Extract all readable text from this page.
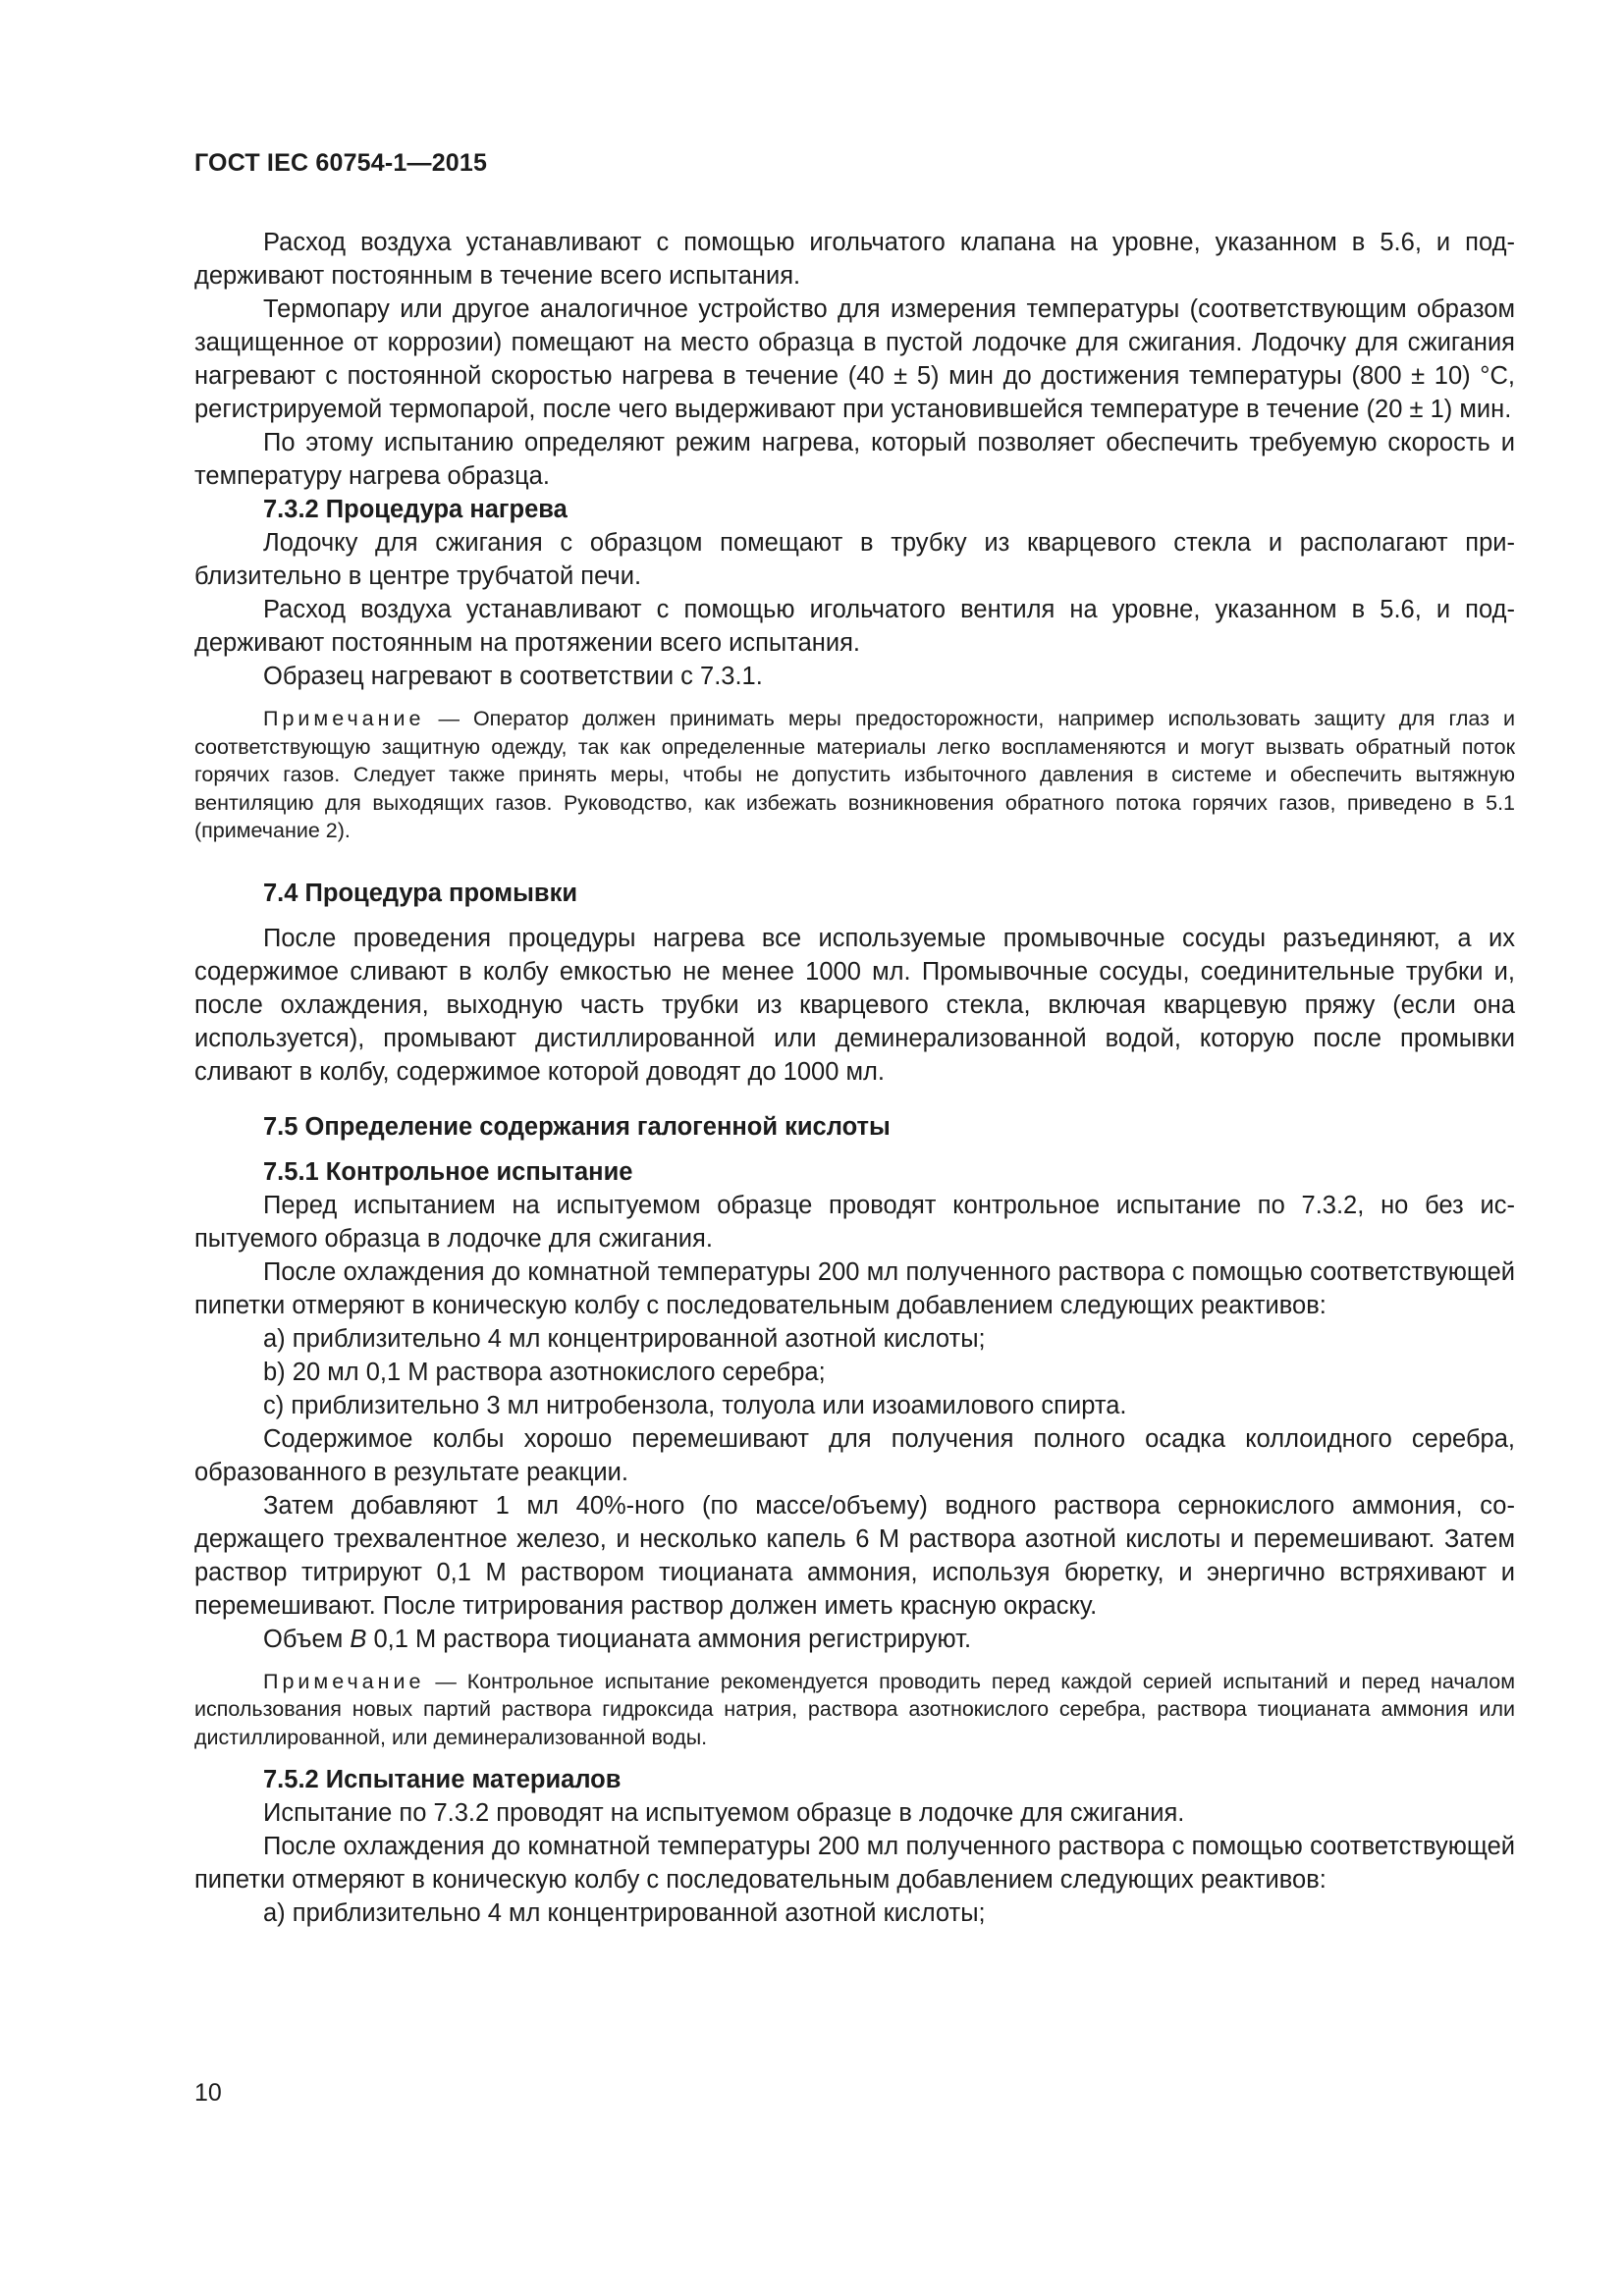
ГОСТ IEC 60754-1—2015

Расход воздуха устанавливают с помощью игольчатого клапана на уровне, указанном в 5.6, и поддерживают постоянным в течение всего испытания.

Термопару или другое аналогичное устройство для измерения температуры (соответствующим образом защищенное от коррозии) помещают на место образца в пустой лодочке для сжигания. Лодочку для сжигания нагревают с постоянной скоростью нагрева в течение (40 ± 5) мин до достижения температуры (800 ± 10) °С, регистрируемой термопарой, после чего выдерживают при установившейся температуре в течение (20 ± 1) мин.

По этому испытанию определяют режим нагрева, который позволяет обеспечить требуемую скорость и температуру нагрева образца.

7.3.2 Процедура нагрева

Лодочку для сжигания с образцом помещают в трубку из кварцевого стекла и располагают приблизительно в центре трубчатой печи.

Расход воздуха устанавливают с помощью игольчатого вентиля на уровне, указанном в 5.6, и поддерживают постоянным на протяжении всего испытания.

Образец нагревают в соответствии с 7.3.1.

Примечание — Оператор должен принимать меры предосторожности, например использовать защиту для глаз и соответствующую защитную одежду, так как определенные материалы легко воспламеняются и могут вызвать обратный поток горячих газов. Следует также принять меры, чтобы не допустить избыточного давления в системе и обеспечить вытяжную вентиляцию для выходящих газов. Руководство, как избежать возникновения обратного потока горячих газов, приведено в 5.1 (примечание 2).

7.4 Процедура промывки

После проведения процедуры нагрева все используемые промывочные сосуды разъединяют, а их содержимое сливают в колбу емкостью не менее 1000 мл. Промывочные сосуды, соединительные трубки и, после охлаждения, выходную часть трубки из кварцевого стекла, включая кварцевую пряжу (если она используется), промывают дистиллированной или деминерализованной водой, которую после промывки сливают в колбу, содержимое которой доводят до 1000 мл.

7.5 Определение содержания галогенной кислоты

7.5.1 Контрольное испытание

Перед испытанием на испытуемом образце проводят контрольное испытание по 7.3.2, но без испытуемого образца в лодочке для сжигания.

После охлаждения до комнатной температуры 200 мл полученного раствора с помощью соответствующей пипетки отмеряют в коническую колбу с последовательным добавлением следующих реактивов:

а) приблизительно 4 мл концентрированной азотной кислоты;

b) 20 мл 0,1 М раствора азотнокислого серебра;

с) приблизительно 3 мл нитробензола, толуола или изоамилового спирта.

Содержимое колбы хорошо перемешивают для получения полного осадка коллоидного серебра, образованного в результате реакции.

Затем добавляют 1 мл 40%-ного (по массе/объему) водного раствора сернокислого аммония, содержащего трехвалентное железо, и несколько капель 6 М раствора азотной кислоты и перемешивают. Затем раствор титрируют 0,1 М раствором тиоцианата аммония, используя бюретку, и энергично встряхивают и перемешивают. После титрирования раствор должен иметь красную окраску.

Объем B 0,1 М раствора тиоцианата аммония регистрируют.

Примечание — Контрольное испытание рекомендуется проводить перед каждой серией испытаний и перед началом использования новых партий раствора гидроксида натрия, раствора азотнокислого серебра, раствора тиоцианата аммония или дистиллированной, или деминерализованной воды.

7.5.2 Испытание материалов

Испытание по 7.3.2 проводят на испытуемом образце в лодочке для сжигания.

После охлаждения до комнатной температуры 200 мл полученного раствора с помощью соответствующей пипетки отмеряют в коническую колбу с последовательным добавлением следующих реактивов:

а) приблизительно 4 мл концентрированной азотной кислоты;

10
